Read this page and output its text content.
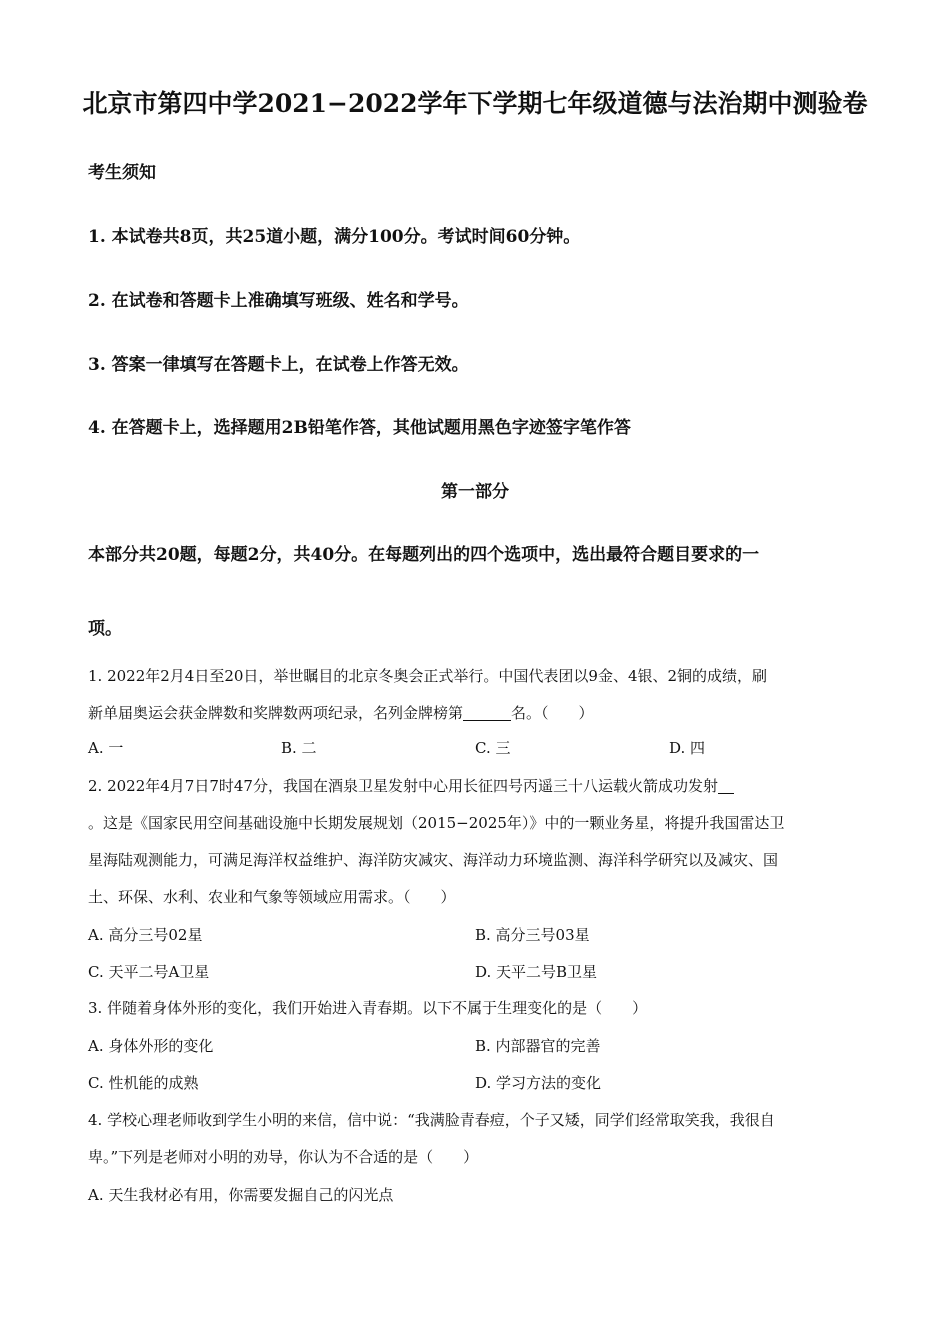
北京市第四中学2021−2022学年下学期七年级道德与法治期中测验卷
考生须知
1. 本试卷共8页，共25道小题，满分100分。考试时间60分钟。
2. 在试卷和答题卡上准确填写班级、姓名和学号。
3. 答案一律填写在答题卡上，在试卷上作答无效。
4. 在答题卡上，选择题用2B铅笔作答，其他试题用黑色字迹签字笔作答
第一部分
本部分共20题，每题2分，共40分。在每题列出的四个选项中，选出最符合题目要求的一
项。
1. 2022年2月4日至20日，举世瞩目的北京冬奥会正式举行。中国代表团以9金、4银、2铜的成绩，刷
新单届奥运会获金牌数和奖牌数两项纪录，名列金牌榜第	名。（　　）
A. 一	B. 二	C. 三	D. 四
2. 2022年4月7日7时47分，我国在酒泉卫星发射中心用长征四号丙遥三十八运载火箭成功发射
。这是《国家民用空间基础设施中长期发展规划（2015−2025年）》中的一颗业务星，将提升我国雷达卫
星海陆观测能力，可满足海洋权益维护、海洋防灾减灾、海洋动力环境监测、海洋科学研究以及减灾、国
土、环保、水利、农业和气象等领域应用需求。（　　）
A. 高分三号02星	B. 高分三号03星
C. 天平二号A卫星	D. 天平二号B卫星
3. 伴随着身体外形的变化，我们开始进入青春期。以下不属于生理变化的是（　　）
A. 身体外形的变化	B. 内部器官的完善
C. 性机能的成熟	D. 学习方法的变化
4. 学校心理老师收到学生小明的来信，信中说：“我满脸青春痘，个子又矮，同学们经常取笑我，我很自
卑。”下列是老师对小明的劝导，你认为不合适的是（　　）
A. 天生我材必有用，你需要发掘自己的闪光点
